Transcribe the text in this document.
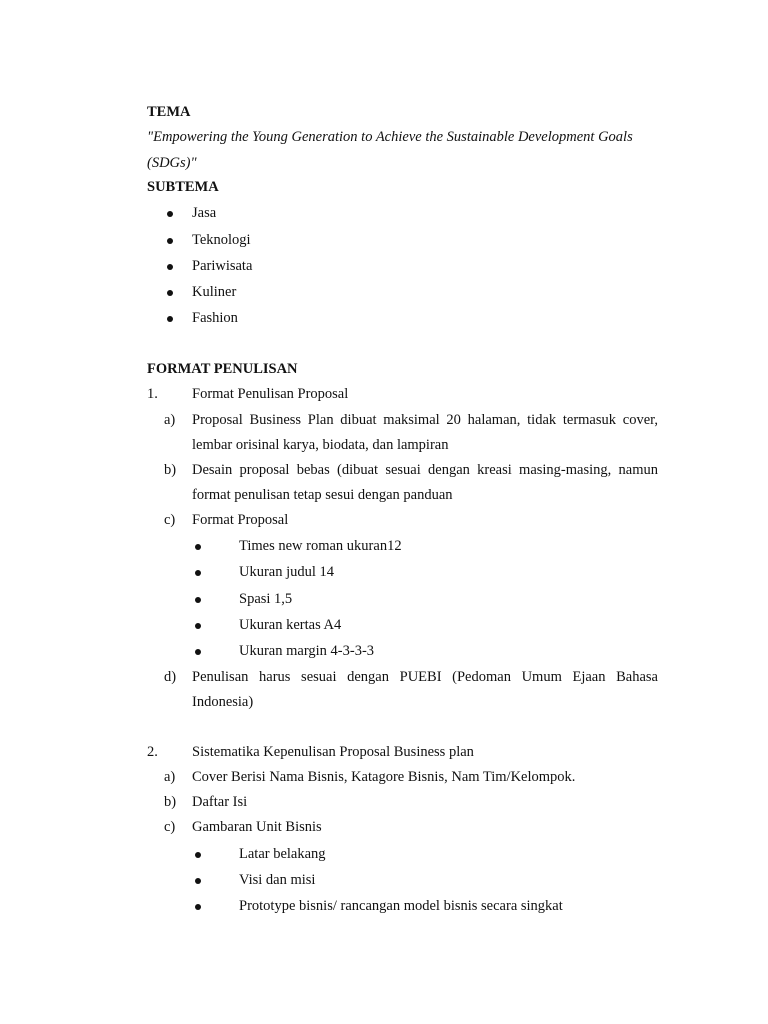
TEMA
"Empowering the Young Generation to Achieve the Sustainable Development Goals
(SDGs)"
SUBTEMA
Jasa
Teknologi
Pariwisata
Kuliner
Fashion
FORMAT PENULISAN
1. Format Penulisan Proposal
a) Proposal Business Plan dibuat maksimal 20 halaman, tidak termasuk cover,
lembar orisinal karya, biodata, dan lampiran
b) Desain proposal bebas (dibuat sesuai dengan kreasi masing-masing, namun
format penulisan tetap sesui dengan panduan
c) Format Proposal
Times new roman ukuran12
Ukuran judul 14
Spasi 1,5
Ukuran kertas A4
Ukuran margin 4-3-3-3
d) Penulisan harus sesuai dengan PUEBI (Pedoman Umum Ejaan Bahasa
Indonesia)
2. Sistematika Kepenulisan Proposal Business plan
a) Cover Berisi Nama Bisnis, Katagore Bisnis, Nam Tim/Kelompok.
b) Daftar Isi
c) Gambaran Unit Bisnis
Latar belakang
Visi dan misi
Prototype bisnis/ rancangan model bisnis secara singkat
